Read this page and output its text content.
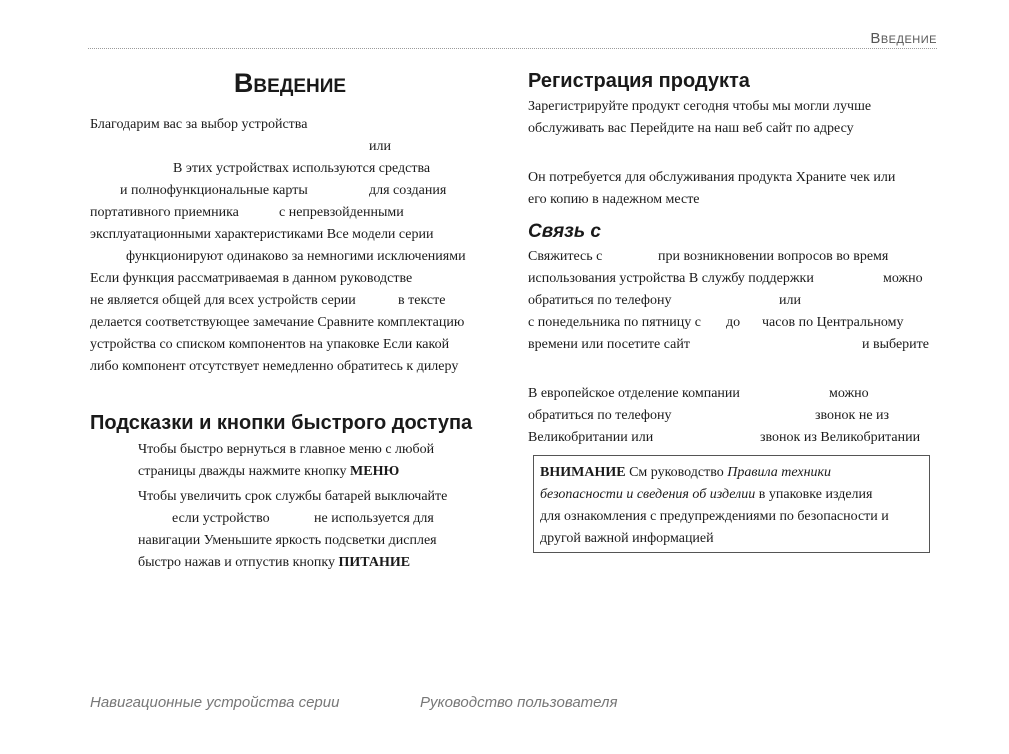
Введение
Введение
Благодарим вас за выбор устройства
или
В этих устройствах используются средства
и полнофункциональные карты	для создания
портативного приемника	с непревзойденными
эксплуатационными характеристиками Все модели серии
функционируют одинаково за немногими исключениями
Если функция рассматриваемая в данном руководстве
не является общей для всех устройств серии	в тексте
делается соответствующее замечание Сравните комплектацию
устройства со списком компонентов на упаковке Если какой
либо компонент отсутствует немедленно обратитесь к дилеру
Подсказки и кнопки быстрого доступа
Чтобы быстро вернуться в главное меню с любой
страницы дважды нажмите кнопку МЕНЮ
Чтобы увеличить срок службы батарей выключайте
если устройство	не используется для
навигации Уменьшите яркость подсветки дисплея
быстро нажав и отпустив кнопку ПИТАНИЕ
Регистрация продукта
Зарегистрируйте продукт сегодня чтобы мы могли лучше
обслуживать вас Перейдите на наш веб сайт по адресу
Он потребуется для обслуживания продукта Храните чек или
его копию в надежном месте
Связь с
Свяжитесь с	при возникновении вопросов во время
использования устройства В службу поддержки	можно
обратиться по телефону	или
с понедельника по пятницу с до часов по Центральному
времени или посетите сайт	и выберите
В европейское отделение компании	можно
обратиться по телефону	звонок не из
Великобритании или	звонок из Великобритании
ВНИМАНИЕ См руководство Правила техники
безопасности и сведения об изделии в упаковке изделия
для ознакомления с предупреждениями по безопасности и
другой важной информацией
Навигационные устройства серии	Руководство пользователя
